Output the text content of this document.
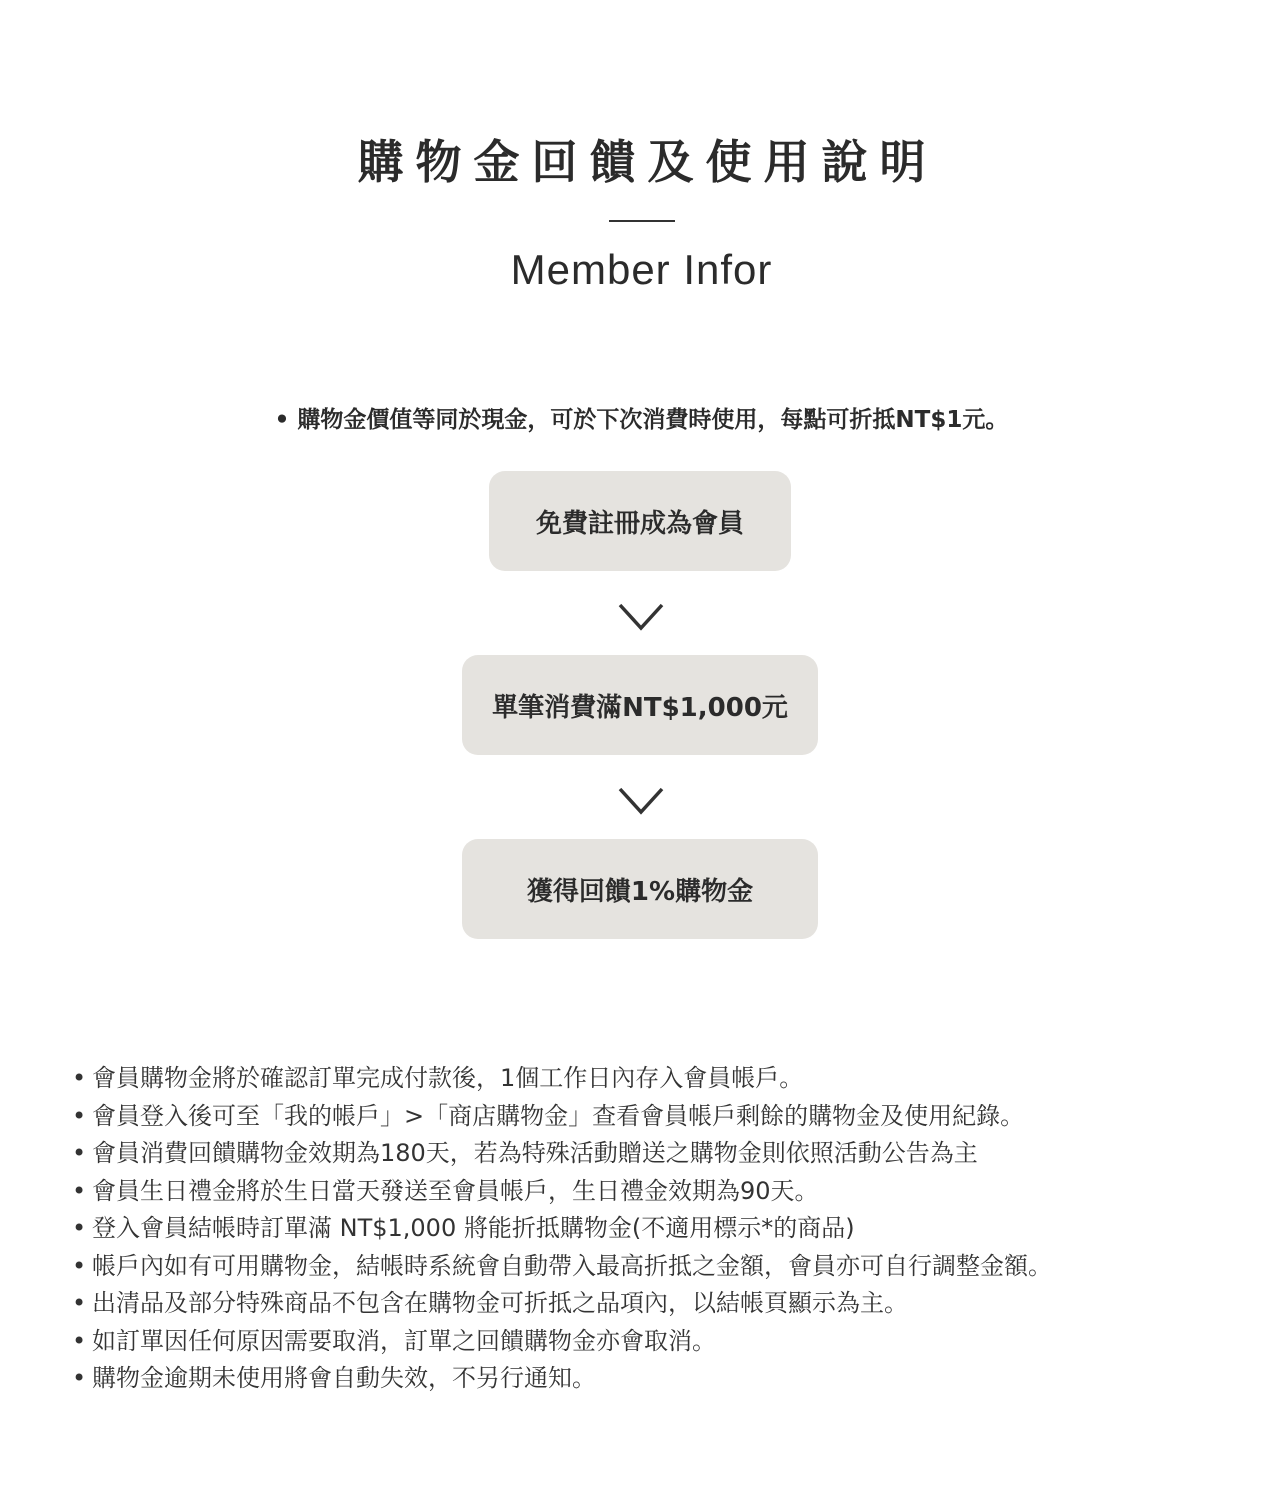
購物金回饋及使用說明
Member Infor
• 購物金價值等同於現金，可於下次消費時使用，每點可折抵NT$1元。
免費註冊成為會員
單筆消費滿NT$1,000元
獲得回饋1%購物金
• 會員購物金將於確認訂單完成付款後，1個工作日內存入會員帳戶。
• 會員登入後可至「我的帳戶」>「商店購物金」查看會員帳戶剩餘的購物金及使用紀錄。
• 會員消費回饋購物金效期為180天，若為特殊活動贈送之購物金則依照活動公告為主
• 會員生日禮金將於生日當天發送至會員帳戶，生日禮金效期為90天。
• 登入會員結帳時訂單滿 NT$1,000 將能折抵購物金(不適用標示*的商品)
• 帳戶內如有可用購物金，結帳時系統會自動帶入最高折抵之金額，會員亦可自行調整金額。
• 出清品及部分特殊商品不包含在購物金可折抵之品項內，以結帳頁顯示為主。
• 如訂單因任何原因需要取消，訂單之回饋購物金亦會取消。
• 購物金逾期未使用將會自動失效，不另行通知。
